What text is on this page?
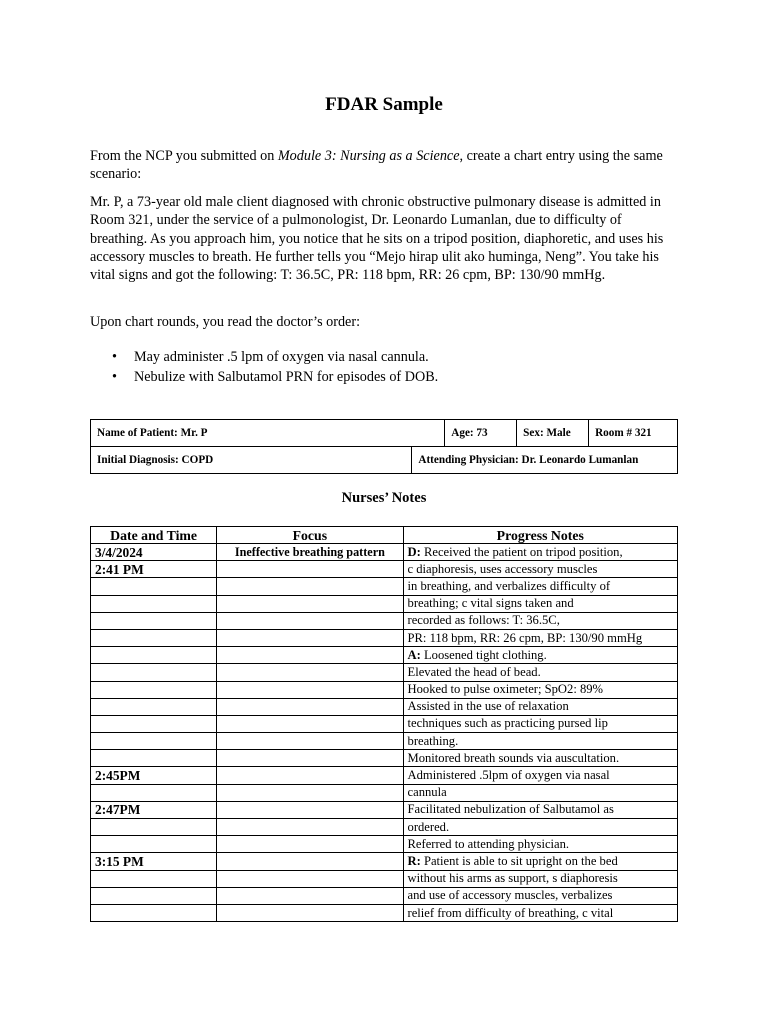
FDAR Sample

From the NCP you submitted on Module 3: Nursing as a Science, create a chart entry using the same scenario:

Mr. P, a 73-year old male client diagnosed with chronic obstructive pulmonary disease is admitted in Room 321, under the service of a pulmonologist, Dr. Leonardo Lumanlan, due to difficulty of breathing. As you approach him, you notice that he sits on a tripod position, diaphoretic, and uses his accessory muscles to breath. He further tells you “Mejo hirap ulit ako huminga, Neng”. You take his vital signs and got the following: T: 36.5C, PR: 118 bpm, RR: 26 cpm, BP: 130/90 mmHg.

Upon chart rounds, you read the doctor’s order:

• May administer .5 lpm of oxygen via nasal cannula.
• Nebulize with Salbutamol PRN for episodes of DOB.
Name of Patient: Mr. P		Age: 73	Sex: Male	Room # 321
Initial Diagnosis: COPD	Attending Physician: Dr. Leonardo Lumanlan			
Nurses’ Notes
Date and Time	Focus	Progress Notes
3/4/2024	Ineffective breathing pattern	D: Received the patient on tripod position,
2:41 PM		c diaphoresis, uses accessory muscles
		in breathing, and verbalizes difficulty of
		breathing; c vital signs taken and
		recorded as follows: T: 36.5C,
		PR: 118 bpm, RR: 26 cpm, BP: 130/90 mmHg
		A: Loosened tight clothing.
		Elevated the head of bead.
		Hooked to pulse oximeter; SpO2: 89%
		Assisted in the use of relaxation
		techniques such as practicing pursed lip
		breathing.
		Monitored breath sounds via auscultation.
2:45PM		Administered .5lpm of oxygen via nasal
		cannula
2:47PM		Facilitated nebulization of Salbutamol as
		ordered.
		Referred to attending physician.
3:15 PM		R: Patient is able to sit upright on the bed
		without his arms as support, s diaphoresis
		and use of accessory muscles, verbalizes
		relief from difficulty of breathing, c vital
